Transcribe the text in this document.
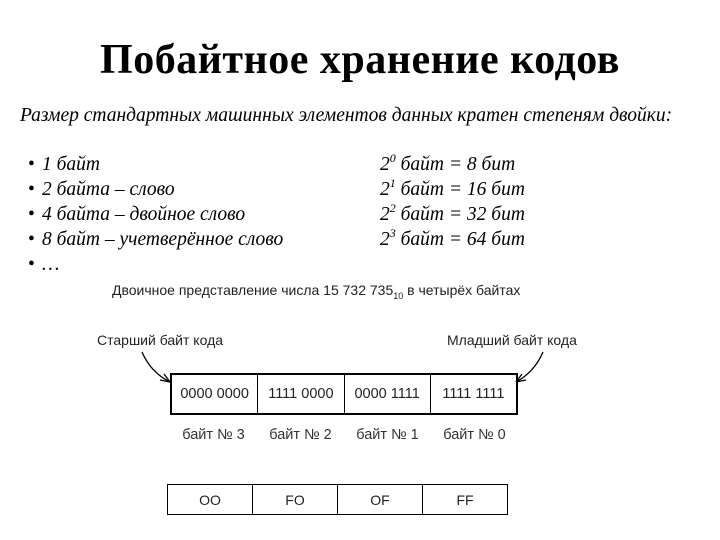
Побайтное хранение кодов
Размер стандартных машинных элементов данных кратен степеням двойки:
• 1 байт	$2^0$ байт = 8 бит
• 2 байта – слово	$2^1$ байт = 16 бит
• 4 байта – двойное слово	$2^2$ байт = 32 бит
• 8 байт – учетверённое слово	$2^3$ байт = 64 бит
• …
Двоичное представление числа 15 732 $735_{10}$ в четырёх байтах
Старший байт кода	Младший байт кода
0000 0000	1111 0000	0000 1111	1111 1111
байт № 3	байт № 2	байт № 1	байт № 0
OO	FO	OF	FF
